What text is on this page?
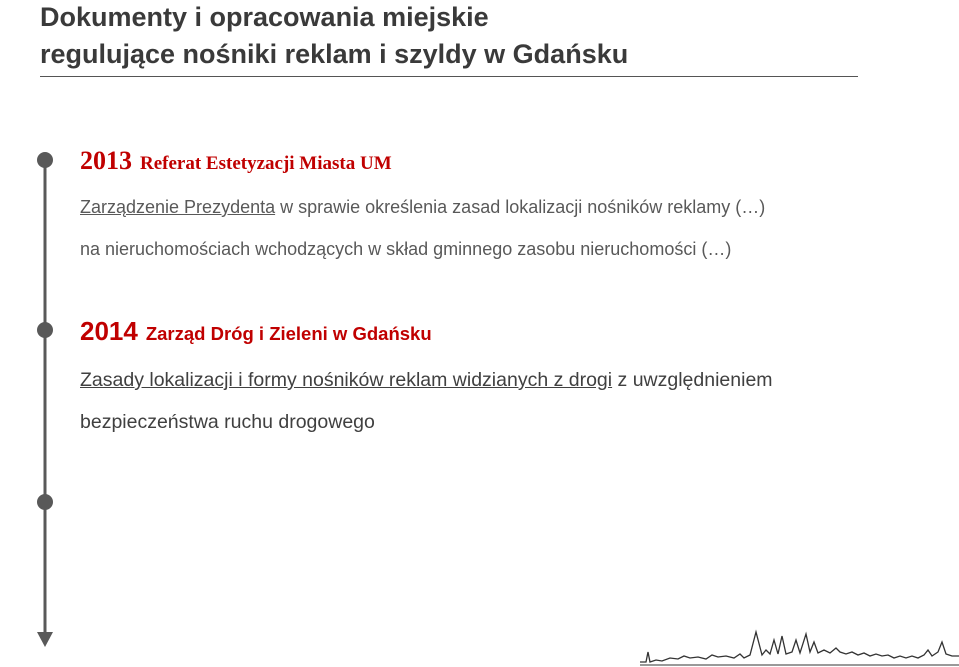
Dokumenty i opracowania miejskie
regulujące nośniki reklam i szyldy w Gdańsku
2013 Referat Estetyzacji Miasta UM
Zarządzenie Prezydenta w sprawie określenia zasad lokalizacji nośników reklamy (…)
na nieruchomościach wchodzących w skład gminnego zasobu nieruchomości (…)
2014 Zarząd Dróg i Zieleni w Gdańsku
Zasady lokalizacji i formy nośników reklam widzianych z drogi z uwzględnieniem
bezpieczeństwa ruchu drogowego
